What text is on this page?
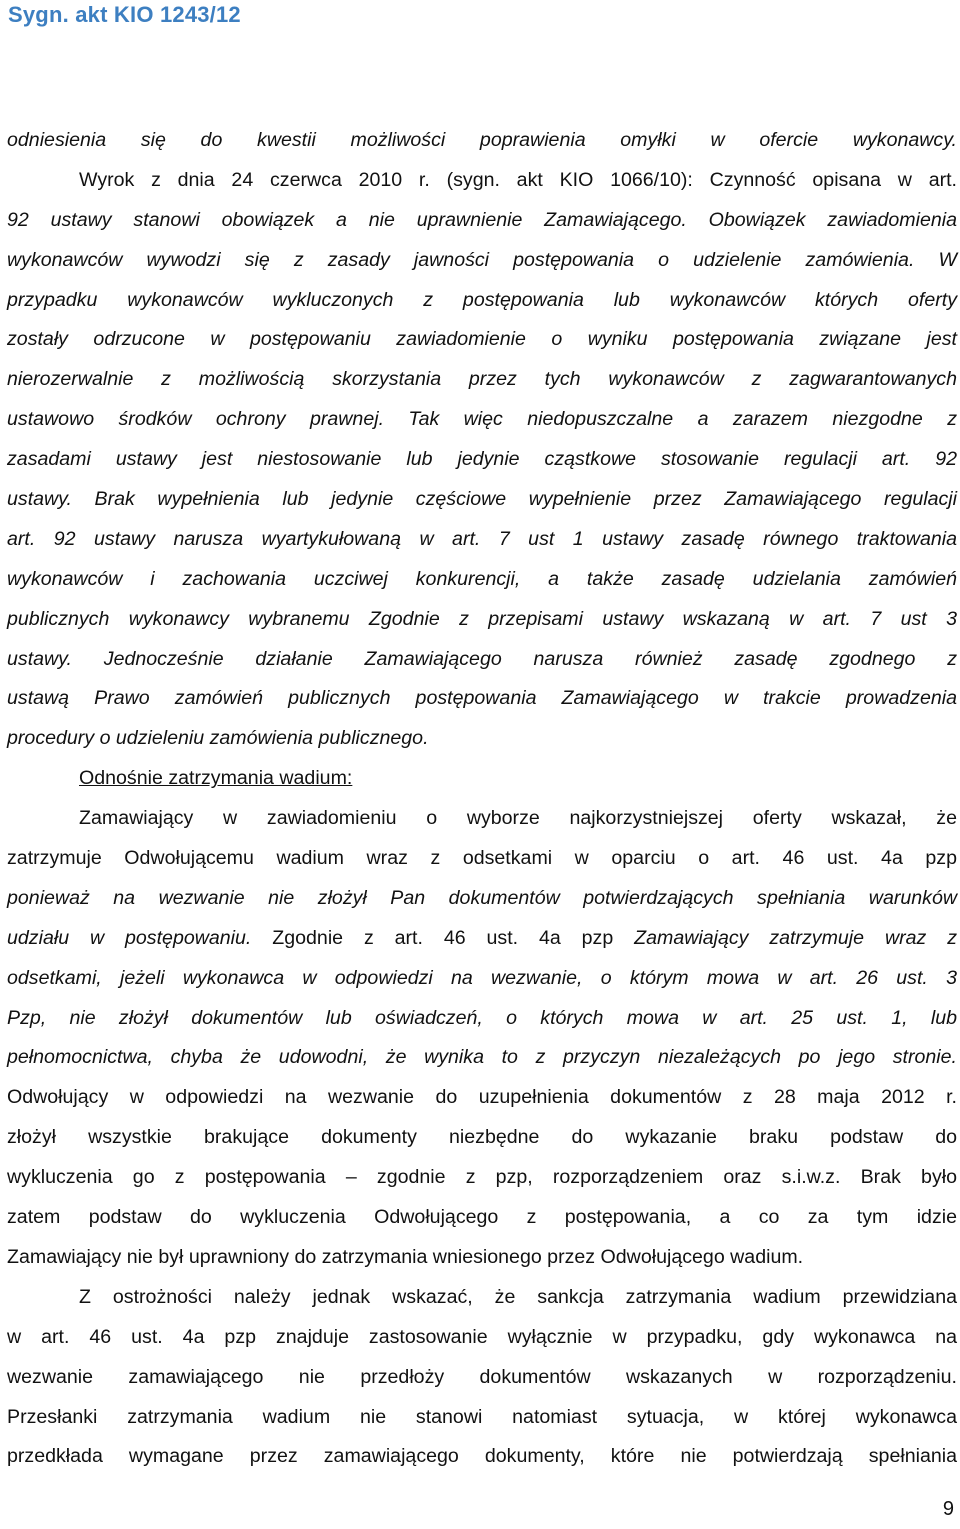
Sygn. akt KIO 1243/12
odniesienia się do kwestii możliwości poprawienia omyłki w ofercie wykonawcy.
Wyrok z dnia 24 czerwca 2010 r. (sygn. akt KIO 1066/10): Czynność opisana w art.
92 ustawy stanowi obowiązek a nie uprawnienie Zamawiającego. Obowiązek zawiadomienia
wykonawców wywodzi się z zasady jawności postępowania o udzielenie zamówienia. W
przypadku wykonawców wykluczonych z postępowania lub wykonawców których oferty
zostały odrzucone w postępowaniu zawiadomienie o wyniku postępowania związane jest
nierozerwalnie z możliwością skorzystania przez tych wykonawców z zagwarantowanych
ustawowo środków ochrony prawnej. Tak więc niedopuszczalne a zarazem niezgodne z
zasadami ustawy jest niestosowanie lub jedynie cząstkowe stosowanie regulacji art. 92
ustawy. Brak wypełnienia lub jedynie częściowe wypełnienie przez Zamawiającego regulacji
art. 92 ustawy narusza wyartykułowaną w art. 7 ust 1 ustawy zasadę równego traktowania
wykonawców i zachowania uczciwej konkurencji, a także zasadę udzielania zamówień
publicznych wykonawcy wybranemu Zgodnie z przepisami ustawy wskazaną w art. 7 ust 3
ustawy. Jednocześnie działanie Zamawiającego narusza również zasadę zgodnego z
ustawą Prawo zamówień publicznych postępowania Zamawiającego w trakcie prowadzenia
procedury o udzieleniu zamówienia publicznego.
Odnośnie zatrzymania wadium:
Zamawiający w zawiadomieniu o wyborze najkorzystniejszej oferty wskazał, że
zatrzymuje Odwołującemu wadium wraz z odsetkami w oparciu o art. 46 ust. 4a pzp
ponieważ na wezwanie nie złożył Pan dokumentów potwierdzających spełniania warunków
udziału w postępowaniu. Zgodnie z art. 46 ust. 4a pzp Zamawiający zatrzymuje wraz z
odsetkami, jeżeli wykonawca w odpowiedzi na wezwanie, o którym mowa w art. 26 ust. 3
Pzp, nie złożył dokumentów lub oświadczeń, o których mowa w art. 25 ust. 1, lub
pełnomocnictwa, chyba że udowodni, że wynika to z przyczyn niezależących po jego stronie.
Odwołujący w odpowiedzi na wezwanie do uzupełnienia dokumentów z 28 maja 2012 r.
złożył wszystkie brakujące dokumenty niezbędne do wykazanie braku podstaw do
wykluczenia go z postępowania – zgodnie z pzp, rozporządzeniem oraz s.i.w.z. Brak było
zatem podstaw do wykluczenia Odwołującego z postępowania, a co za tym idzie
Zamawiający nie był uprawniony do zatrzymania wniesionego przez Odwołującego wadium.
Z ostrożności należy jednak wskazać, że sankcja zatrzymania wadium przewidziana
w art. 46 ust. 4a pzp znajduje zastosowanie wyłącznie w przypadku, gdy wykonawca na
wezwanie zamawiającego nie przedłoży dokumentów wskazanych w rozporządzeniu.
Przesłanki zatrzymania wadium nie stanowi natomiast sytuacja, w której wykonawca
przedkłada wymagane przez zamawiającego dokumenty, które nie potwierdzają spełniania
9
